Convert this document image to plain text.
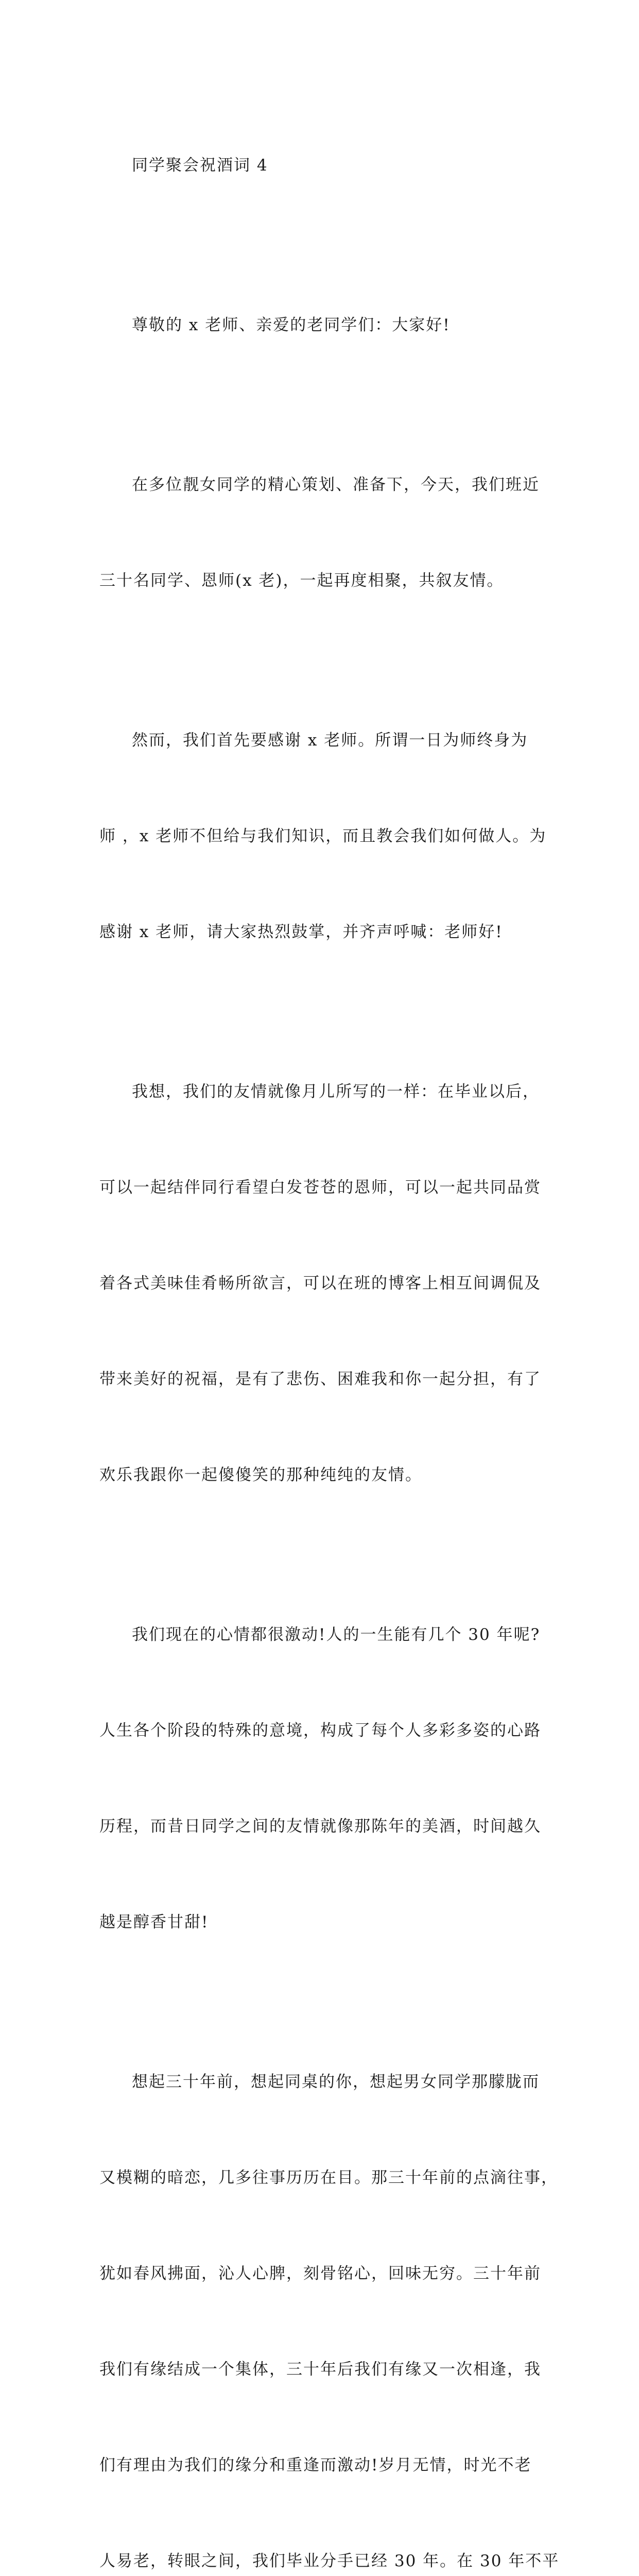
同学聚会祝酒词 4

尊敬的 x 老师、亲爱的老同学们：大家好!

在多位靓女同学的精心策划、准备下，今天，我们班近

三十名同学、恩师(x 老)，一起再度相聚，共叙友情。

然而，我们首先要感谢 x 老师。所谓一日为师终身为

师 ，x 老师不但给与我们知识，而且教会我们如何做人。为

感谢 x 老师，请大家热烈鼓掌，并齐声呼喊：老师好!

我想，我们的友情就像月儿所写的一样：在毕业以后，

可以一起结伴同行看望白发苍苍的恩师，可以一起共同品赏

着各式美味佳肴畅所欲言，可以在班的博客上相互间调侃及

带来美好的祝福，是有了悲伤、困难我和你一起分担，有了

欢乐我跟你一起傻傻笑的那种纯纯的友情。

我们现在的心情都很激动!人的一生能有几个 30 年呢?

人生各个阶段的特殊的意境，构成了每个人多彩多姿的心路

历程，而昔日同学之间的友情就像那陈年的美酒，时间越久

越是醇香甘甜!

想起三十年前，想起同桌的你，想起男女同学那朦胧而

又模糊的暗恋，几多往事历历在目。那三十年前的点滴往事，

犹如春风拂面，沁人心脾，刻骨铭心，回味无穷。三十年前

我们有缘结成一个集体，三十年后我们有缘又一次相逢，我

们有理由为我们的缘分和重逢而激动!岁月无情，时光不老

人易老，转眼之间，我们毕业分手已经 30 年。在 30 年不平
